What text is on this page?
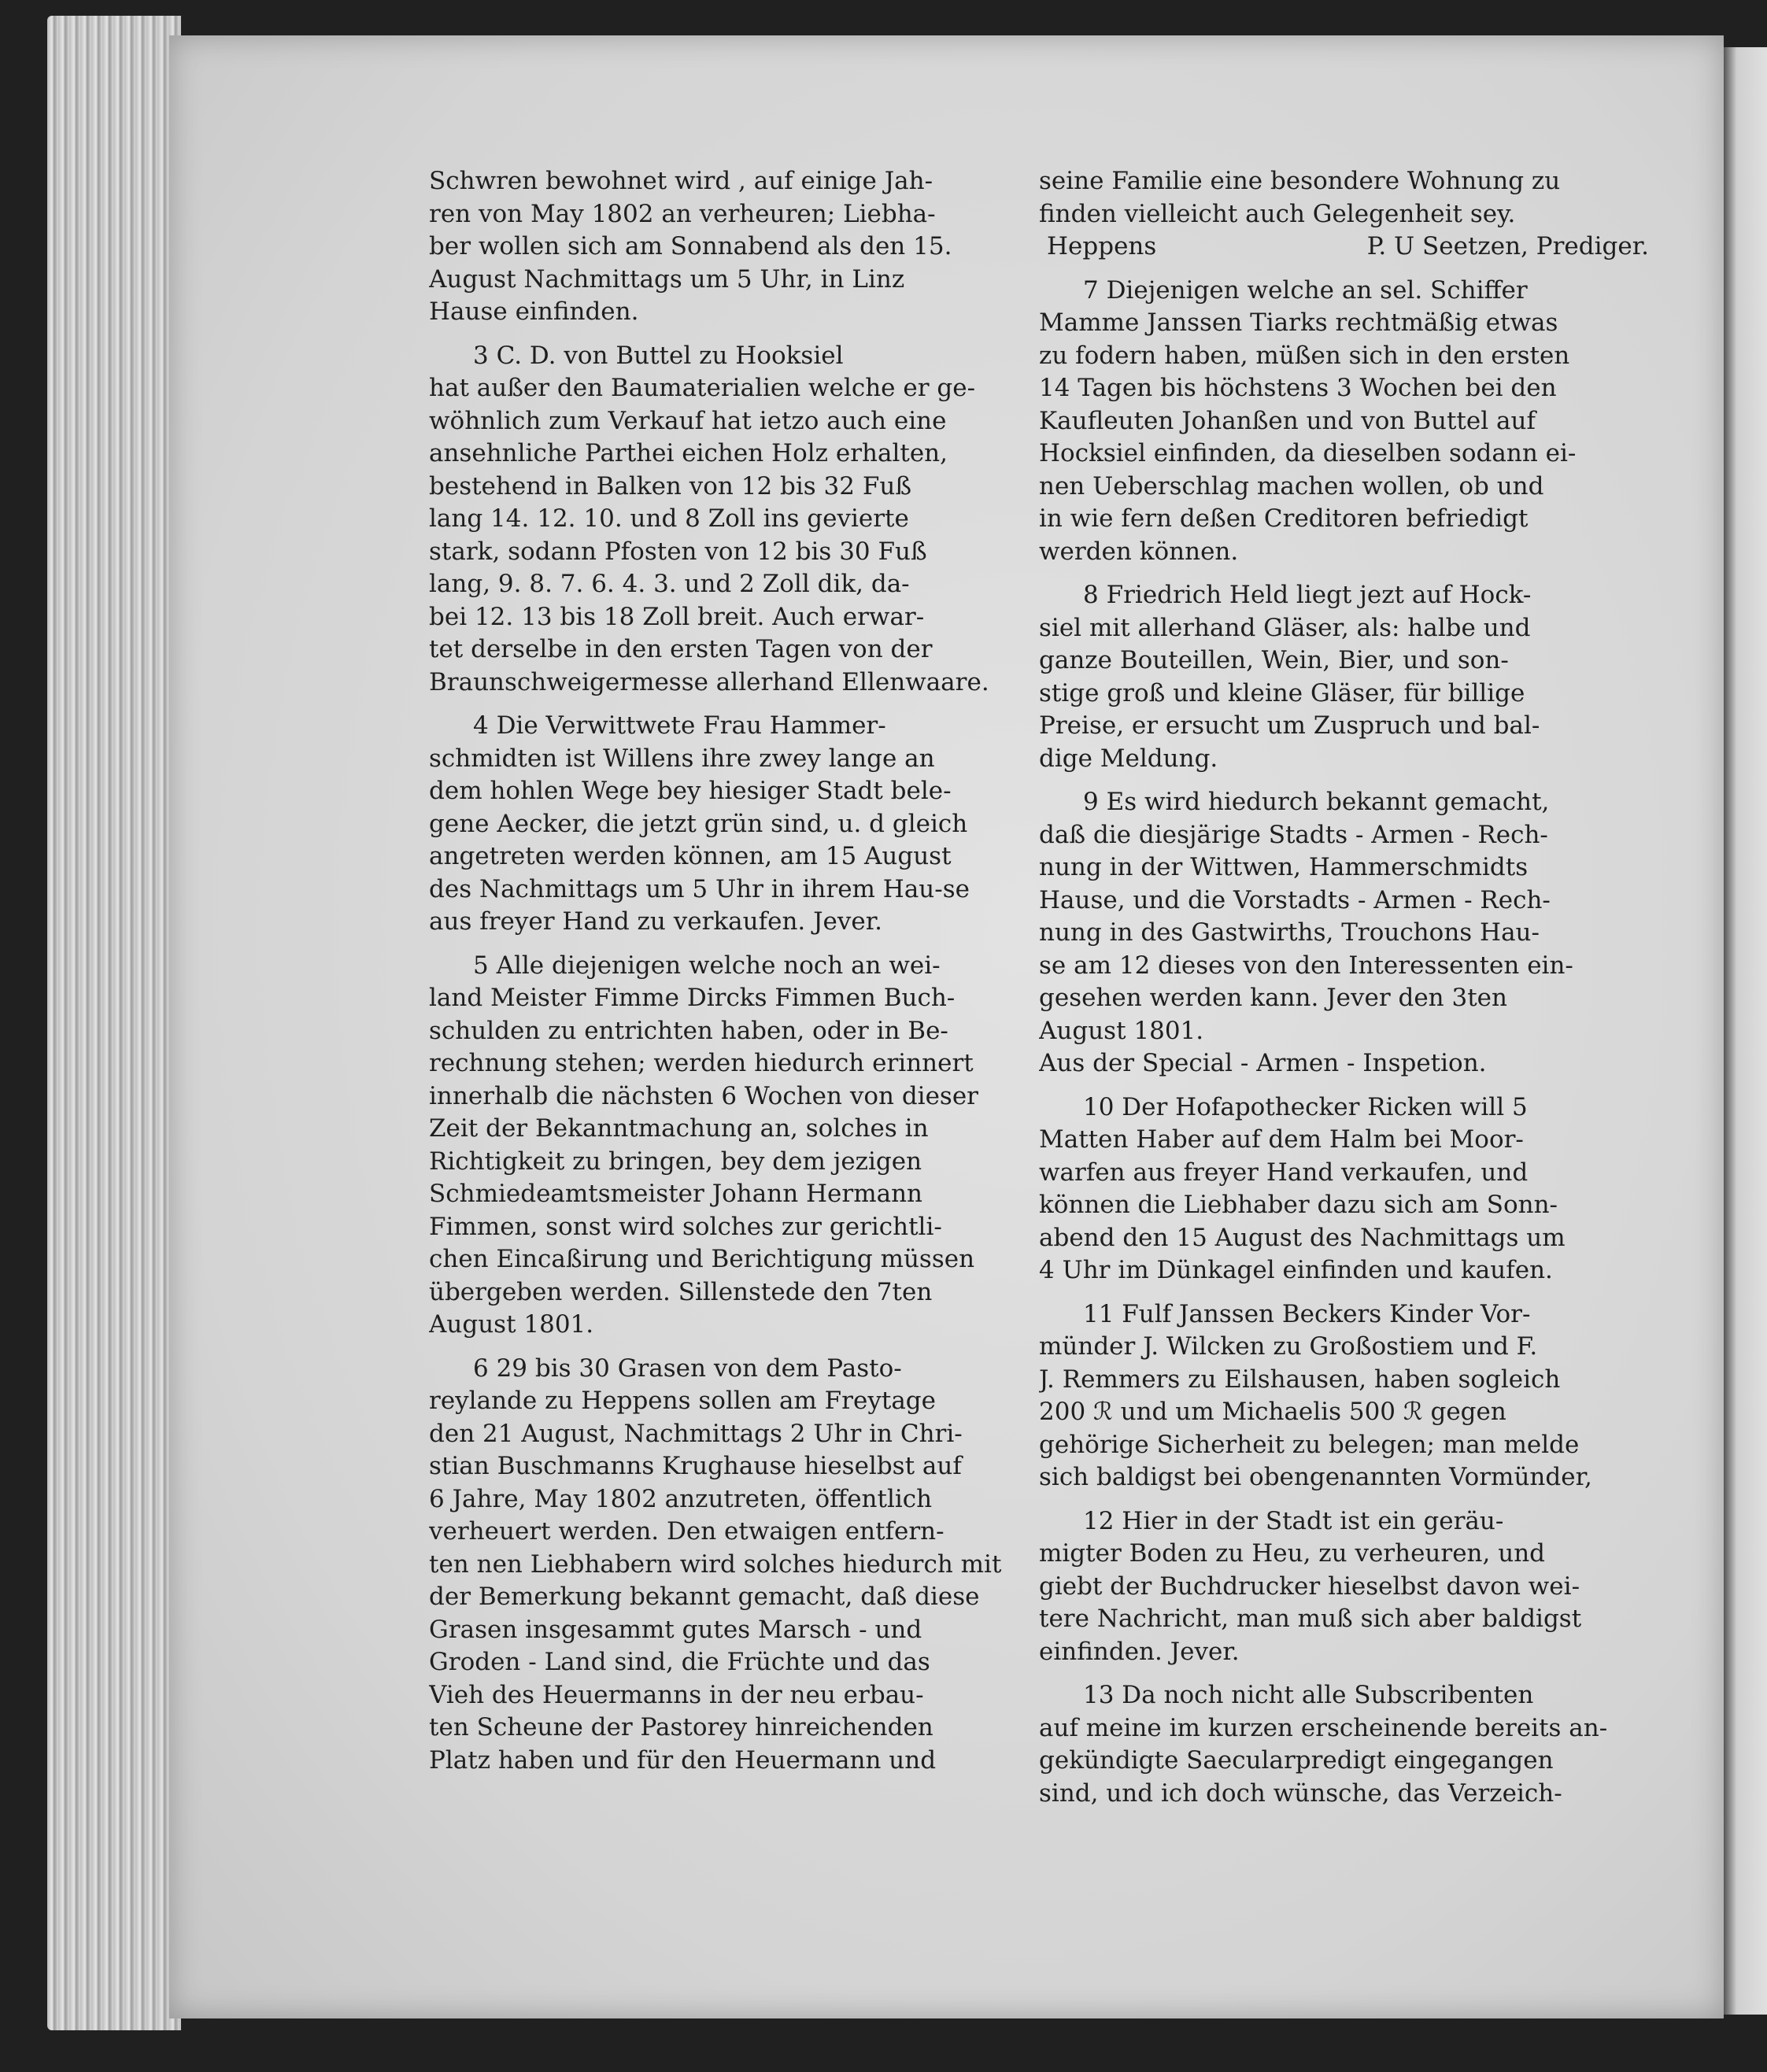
Schwren bewohnet wird , auf einige Jah-
ren von May 1802 an verheuren; Liebha-
ber wollen sich am Sonnabend als den 15.
August Nachmittags um 5 Uhr, in Linz
Hause einfinden.
3 C. D. von Buttel zu Hooksiel
hat außer den Baumaterialien welche er ge-
wöhnlich zum Verkauf hat ietzo auch eine
ansehnliche Parthei eichen Holz erhalten,
bestehend in Balken von 12 bis 32 Fuß
lang 14. 12. 10. und 8 Zoll ins gevierte
stark, sodann Pfosten von 12 bis 30 Fuß
lang, 9. 8. 7. 6. 4. 3. und 2 Zoll dik, da-
bei 12. 13 bis 18 Zoll breit. Auch erwar-
tet derselbe in den ersten Tagen von der
Braunschweigermesse allerhand Ellenwaare.
4 Die Verwittwete Frau Hammer-
schmidten ist Willens ihre zwey lange an
dem hohlen Wege bey hiesiger Stadt bele-
gene Aecker, die jetzt grün sind, u. d gleich
angetreten werden können, am 15 August
des Nachmittags um 5 Uhr in ihrem Hau-se
aus freyer Hand zu verkaufen. Jever.
5 Alle diejenigen welche noch an wei-
land Meister Fimme Dircks Fimmen Buch-
schulden zu entrichten haben, oder in Be-
rechnung stehen; werden hiedurch erinnert
innerhalb die nächsten 6 Wochen von dieser
Zeit der Bekanntmachung an, solches in
Richtigkeit zu bringen, bey dem jezigen
Schmiedeamtsmeister Johann Hermann
Fimmen, sonst wird solches zur gerichtli-
chen Eincaßirung und Berichtigung müssen
übergeben werden. Sillenstede den 7ten
August 1801.
6 29 bis 30 Grasen von dem Pasto-
reylande zu Heppens sollen am Freytage
den 21 August, Nachmittags 2 Uhr in Chri-
stian Buschmanns Krughause hieselbst auf
6 Jahre, May 1802 anzutreten, öffentlich
verheuert werden. Den etwaigen entfern-
ten nen Liebhabern wird solches hiedurch mit
der Bemerkung bekannt gemacht, daß diese
Grasen insgesammt gutes Marsch - und
Groden - Land sind, die Früchte und das
Vieh des Heuermanns in der neu erbau-
ten Scheune der Pastorey hinreichenden
Platz haben und für den Heuermann und
seine Familie eine besondere Wohnung zu
finden vielleicht auch Gelegenheit sey.
Heppens	P. U Seetzen, Prediger.
7 Diejenigen welche an sel. Schiffer
Mamme Janssen Tiarks rechtmäßig etwas
zu fodern haben, müßen sich in den ersten
14 Tagen bis höchstens 3 Wochen bei den
Kaufleuten Johanßen und von Buttel auf
Hocksiel einfinden, da dieselben sodann ei-
nen Ueberschlag machen wollen, ob und
in wie fern deßen Creditoren befriedigt
werden können.
8 Friedrich Held liegt jezt auf Hock-
siel mit allerhand Gläser, als: halbe und
ganze Bouteillen, Wein, Bier, und son-
stige groß und kleine Gläser, für billige
Preise, er ersucht um Zuspruch und bal-
dige Meldung.
9 Es wird hiedurch bekannt gemacht,
daß die diesjärige Stadts - Armen - Rech-
nung in der Wittwen, Hammerschmidts
Hause, und die Vorstadts - Armen - Rech-
nung in des Gastwirths, Trouchons Hau-
se am 12 dieses von den Interessenten ein-
gesehen werden kann. Jever den 3ten
August 1801.
Aus der Special - Armen - Inspetion.
10 Der Hofapothecker Ricken will 5
Matten Haber auf dem Halm bei Moor-
warfen aus freyer Hand verkaufen, und
können die Liebhaber dazu sich am Sonn-
abend den 15 August des Nachmittags um
4 Uhr im Dünkagel einfinden und kaufen.
11 Fulf Janssen Beckers Kinder Vor-
münder J. Wilcken zu Großostiem und F.
J. Remmers zu Eilshausen, haben sogleich
200 ℛ und um Michaelis 500 ℛ gegen
gehörige Sicherheit zu belegen; man melde
sich baldigst bei obengenannten Vormünder,
12 Hier in der Stadt ist ein geräu-
migter Boden zu Heu, zu verheuren, und
giebt der Buchdrucker hieselbst davon wei-
tere Nachricht, man muß sich aber baldigst
einfinden. Jever.
13 Da noch nicht alle Subscribenten
auf meine im kurzen erscheinende bereits an-
gekündigte Saecularpredigt eingegangen
sind, und ich doch wünsche, das Verzeich-
